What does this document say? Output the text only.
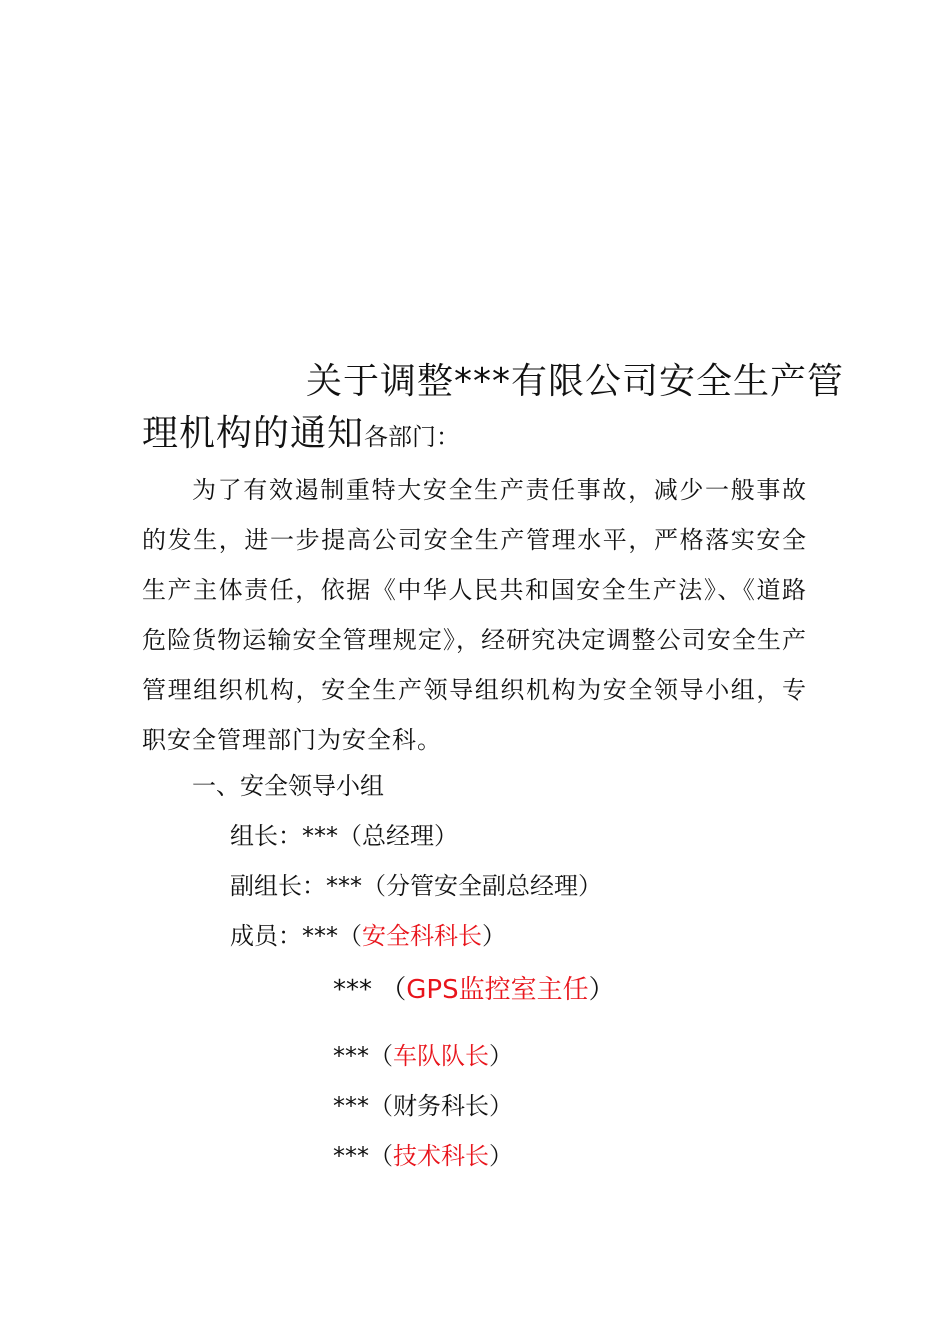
关于调整***有限公司安全生产管
理机构的通知各部门：

为了有效遏制重特大安全生产责任事故，减少一般事故的发生，进一步提高公司安全生产管理水平，严格落实安全生产主体责任，依据《中华人民共和国安全生产法》、《道路危险货物运输安全管理规定》，经研究决定调整公司安全生产管理组织机构，安全生产领导组织机构为安全领导小组，专职安全管理部门为安全科。

一、安全领导小组
组长：***（总经理）
副组长：***（分管安全副总经理）
成员：***（安全科科长）
*** （GPS监控室主任）
***（车队队长）
***（财务科长）
***（技术科长）
